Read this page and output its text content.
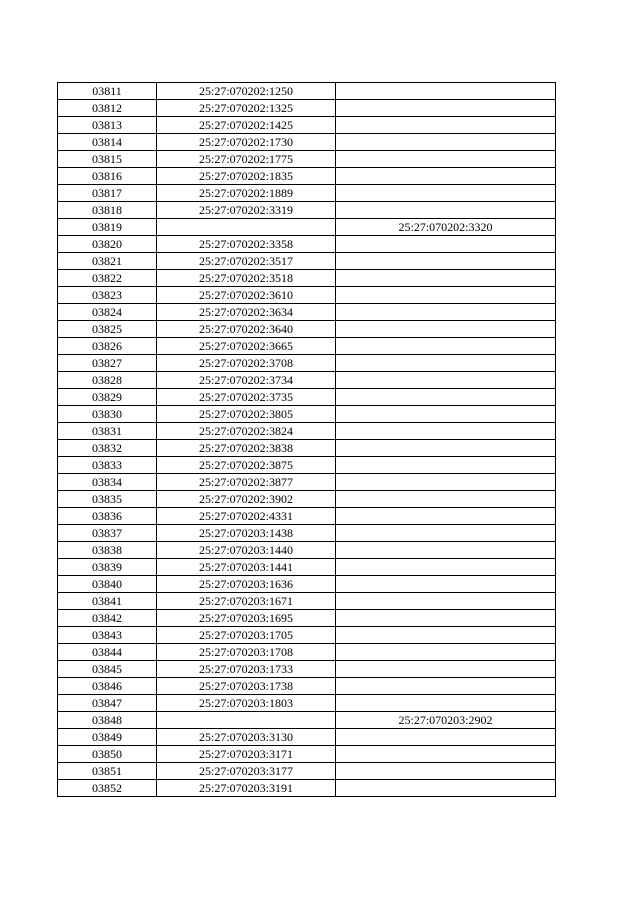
03811	25:27:070202:1250	
03812	25:27:070202:1325	
03813	25:27:070202:1425	
03814	25:27:070202:1730	
03815	25:27:070202:1775	
03816	25:27:070202:1835	
03817	25:27:070202:1889	
03818	25:27:070202:3319	
03819		25:27:070202:3320
03820	25:27:070202:3358	
03821	25:27:070202:3517	
03822	25:27:070202:3518	
03823	25:27:070202:3610	
03824	25:27:070202:3634	
03825	25:27:070202:3640	
03826	25:27:070202:3665	
03827	25:27:070202:3708	
03828	25:27:070202:3734	
03829	25:27:070202:3735	
03830	25:27:070202:3805	
03831	25:27:070202:3824	
03832	25:27:070202:3838	
03833	25:27:070202:3875	
03834	25:27:070202:3877	
03835	25:27:070202:3902	
03836	25:27:070202:4331	
03837	25:27:070203:1438	
03838	25:27:070203:1440	
03839	25:27:070203:1441	
03840	25:27:070203:1636	
03841	25:27:070203:1671	
03842	25:27:070203:1695	
03843	25:27:070203:1705	
03844	25:27:070203:1708	
03845	25:27:070203:1733	
03846	25:27:070203:1738	
03847	25:27:070203:1803	
03848		25:27:070203:2902
03849	25:27:070203:3130	
03850	25:27:070203:3171	
03851	25:27:070203:3177	
03852	25:27:070203:3191	
